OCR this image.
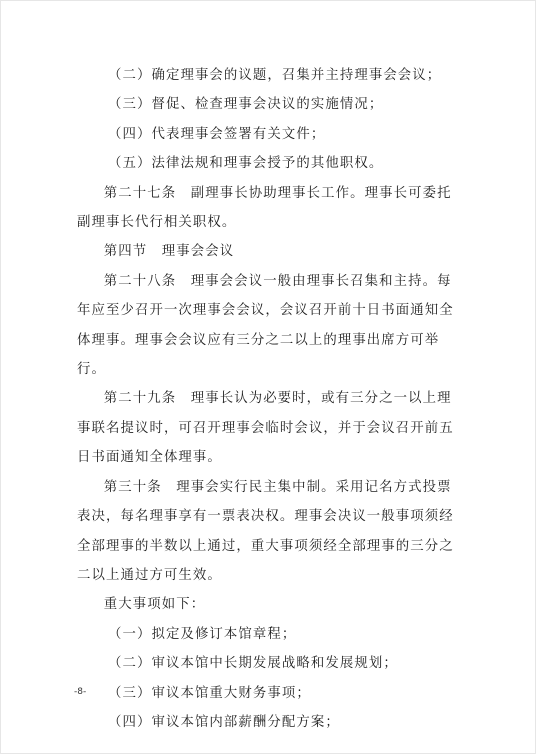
（二）确定理事会的议题，召集并主持理事会会议；

（三）督促、检查理事会决议的实施情况；

（四）代表理事会签署有关文件；

（五）法律法规和理事会授予的其他职权。

第二十七条　副理事长协助理事长工作。理事长可委托副理事长代行相关职权。

第四节　理事会会议

第二十八条　理事会会议一般由理事长召集和主持。每年应至少召开一次理事会会议，会议召开前十日书面通知全体理事。理事会会议应有三分之二以上的理事出席方可举行。

第二十九条　理事长认为必要时，或有三分之一以上理事联名提议时，可召开理事会临时会议，并于会议召开前五日书面通知全体理事。

第三十条　理事会实行民主集中制。采用记名方式投票表决，每名理事享有一票表决权。理事会决议一般事项须经全部理事的半数以上通过，重大事项须经全部理事的三分之二以上通过方可生效。

重大事项如下：

（一）拟定及修订本馆章程；

（二）审议本馆中长期发展战略和发展规划；

（三）审议本馆重大财务事项；

（四）审议本馆内部薪酬分配方案；

-8-
